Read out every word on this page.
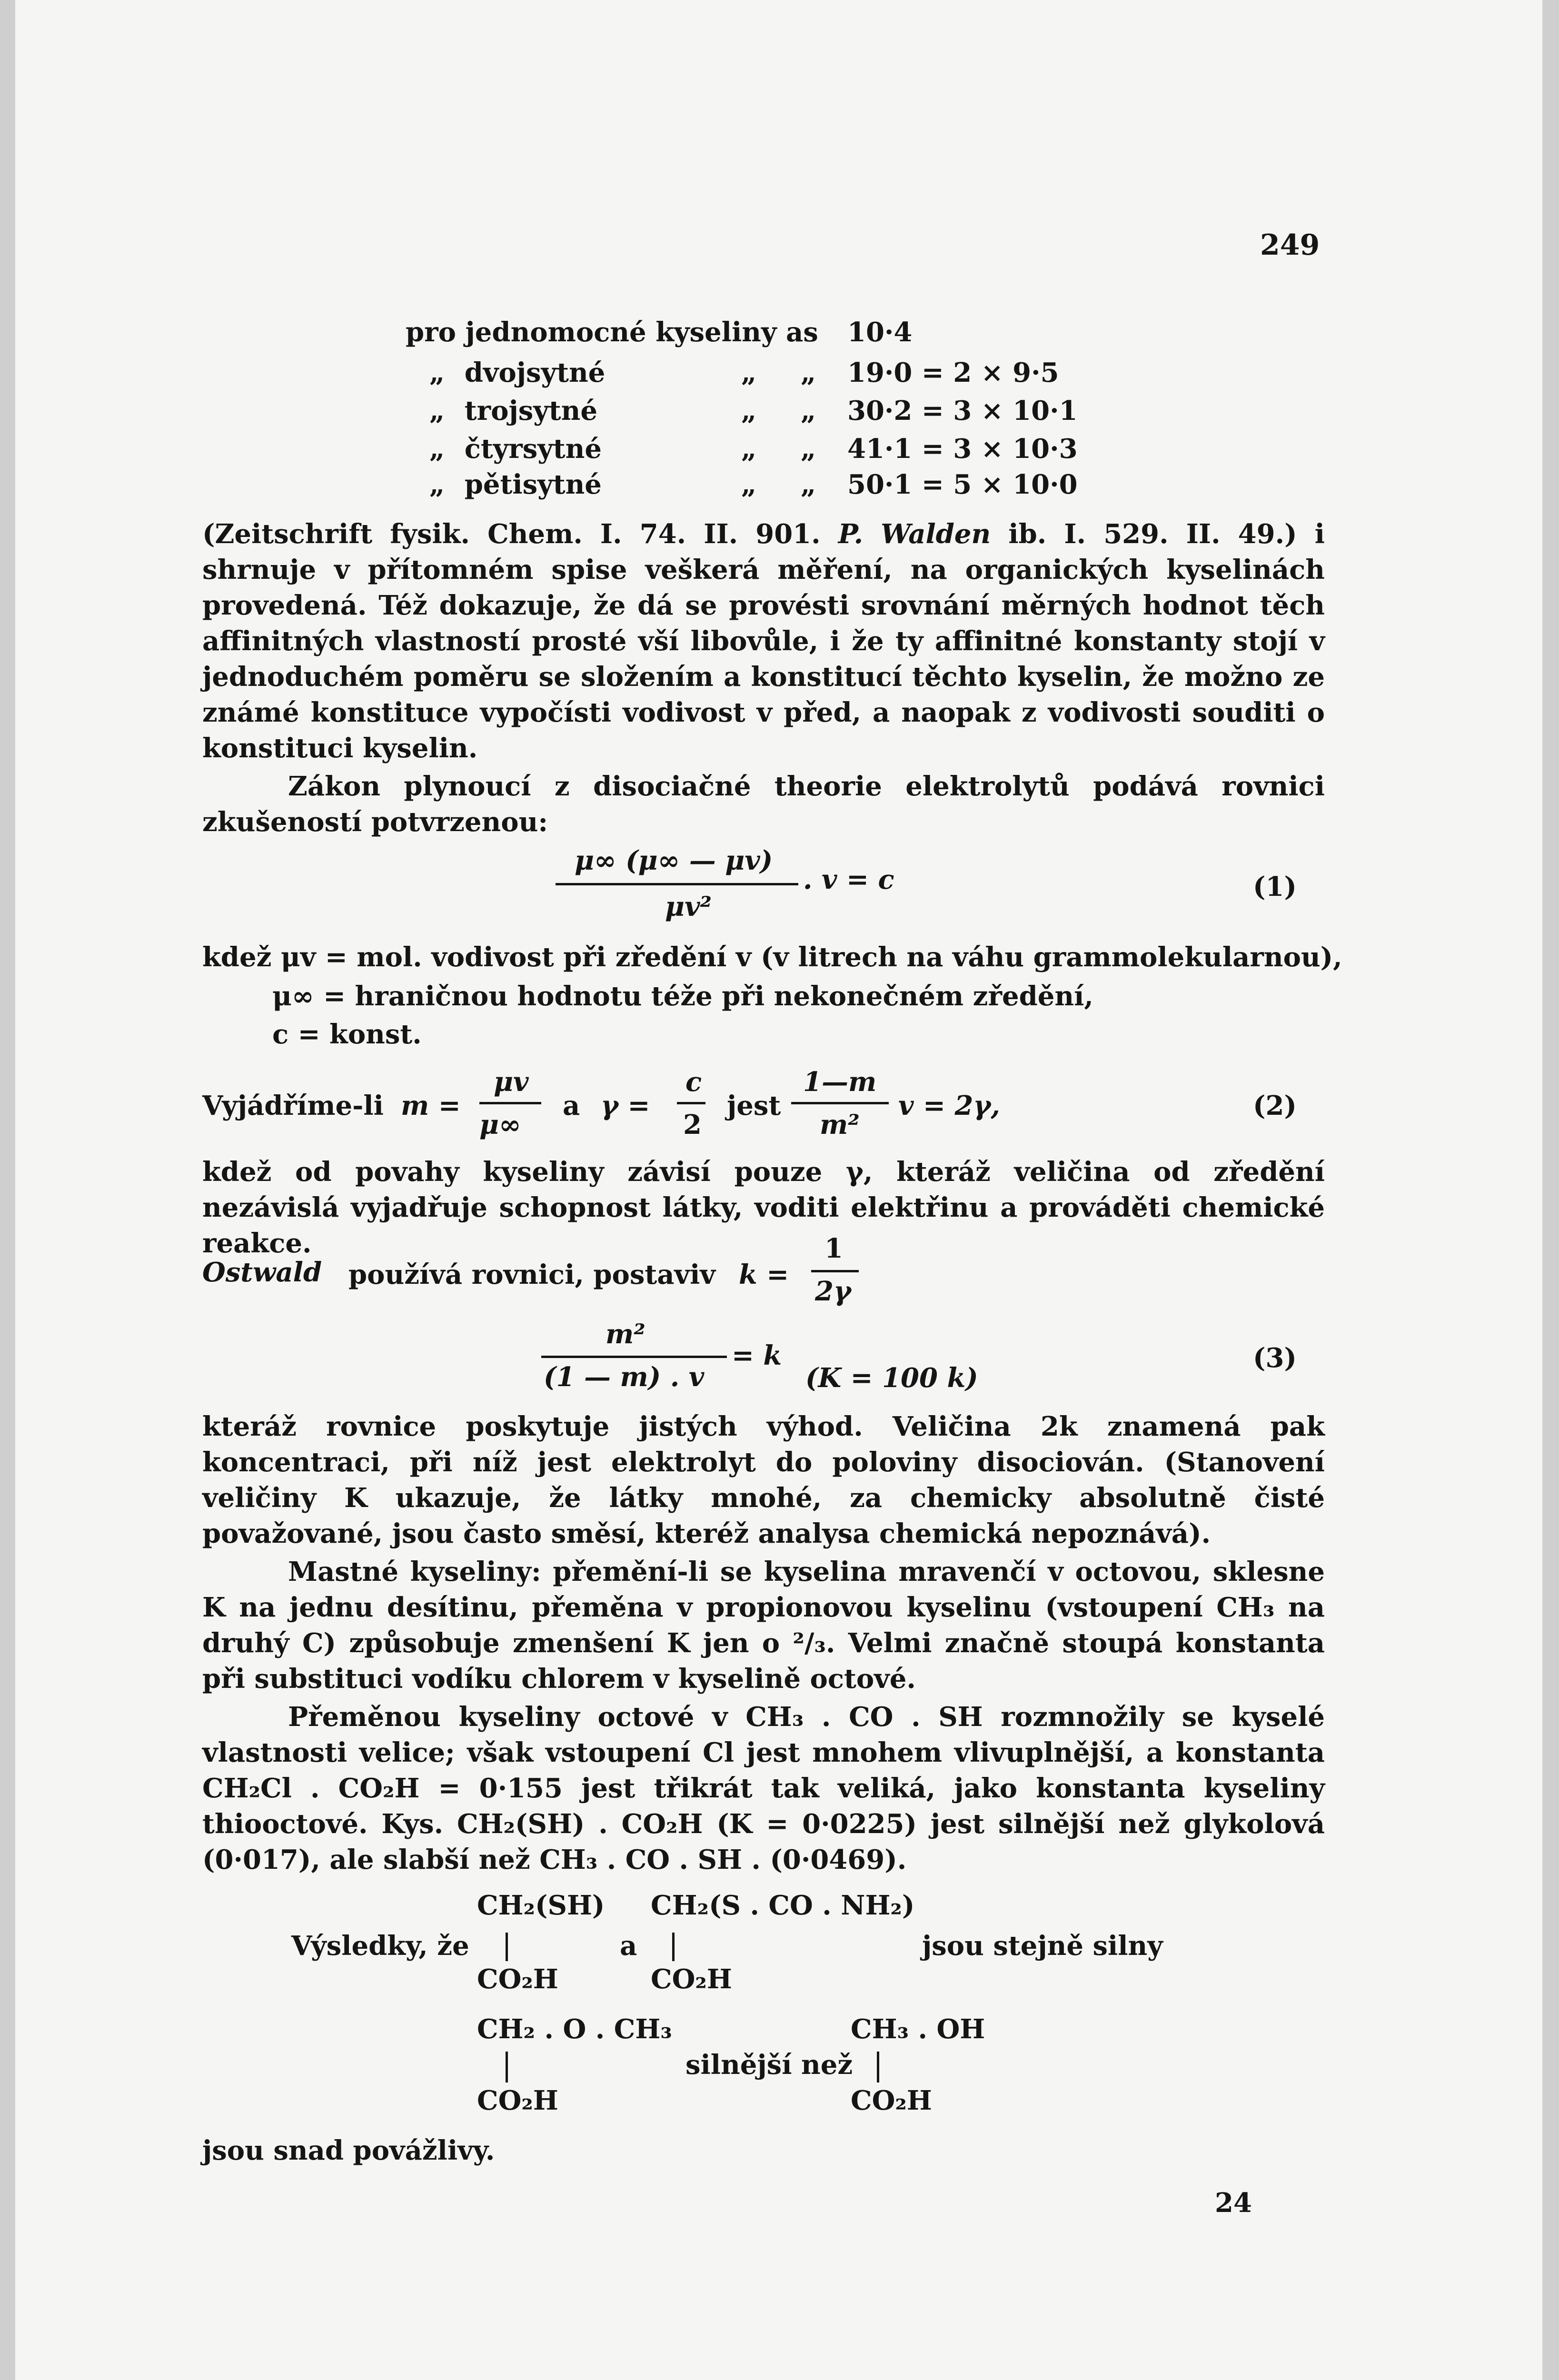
249
pro jednomocné kyseliny as 10·4
„ dvojsytné	„ „ 19·0 = 2 × 9·5
„ trojsytné	„ „ 30·2 = 3 × 10·1
„ čtyrsytné	„ „ 41·1 = 3 × 10·3
„ pětisytné	„ „ 50·1 = 5 × 10·0
(Zeitschrift fysik. Chem. I. 74. II. 901. P. Walden ib. I. 529. II. 49.) i shrnuje v přítomném spise veškerá měření, na organických kyselinách provedená. Též dokazuje, že dá se provésti srovnání měrných hodnot těch affinitných vlastností prosté vší libovůle, i že ty affinitné konstanty stojí v jednoduchém poměru se složením a konstitucí těchto kyselin, že možno ze známé konstituce vypočísti vodivost v před, a naopak z vodivosti souditi o konstituci kyselin.
Zákon plynoucí z disociačné theorie elektrolytů podává rovnici zkušeností potvrzenou:
μ∞ (μ∞ — μv)
μv²
. v = c	(1)
kdež μv = mol. vodivost při zředění v (v litrech na váhu grammolekularnou),
μ∞ = hraničnou hodnotu téže při nekonečném zředění,
c = konst.
Vyjádříme-li m =
μv
μ∞
a γ =
c
2
jest
1—m
m²
v = 2γ,	(2)
kdež od povahy kyseliny závisí pouze γ, kteráž veličina od zředění nezávislá vyjadřuje schopnost látky, voditi elektřinu a prováděti chemické reakce.
Ostwald používá rovnici, postaviv k =
1
2γ
m²
(1 — m) . v
= k
(K = 100 k)
(3)
kteráž rovnice poskytuje jistých výhod. Veličina 2k znamená pak koncentraci, při níž jest elektrolyt do poloviny disociován. (Stanovení veličiny K ukazuje, že látky mnohé, za chemicky absolutně čisté považované, jsou často směsí, kteréž analysa chemická nepoznává).
Mastné kyseliny: přemění-li se kyselina mravenčí v octovou, sklesne K na jednu desítinu, přeměna v propionovou kyselinu (vstoupení CH₃ na druhý C) způsobuje zmenšení K jen o ²/₃. Velmi značně stoupá konstanta při substituci vodíku chlorem v kyselině octové.
Přeměnou kyseliny octové v CH₃ . CO . SH rozmnožily se kyselé vlastnosti velice; však vstoupení Cl jest mnohem vlivuplnější, a konstanta CH₂Cl . CO₂H = 0·155 jest třikrát tak veliká, jako konstanta kyseliny thiooctové. Kys. CH₂(SH) . CO₂H (K = 0·0225) jest silnější než glykolová (0·017), ale slabší než CH₃ . CO . SH . (0·0469).
CH₂(SH) CH₂(S . CO . NH₂)
Výsledky, že	a	jsou stejně silny
CO₂H	CO₂H
CH₂ . O . CH₃	CH₃ . OH
silnější než
CO₂H	CO₂H
jsou snad povážlivy.
24
